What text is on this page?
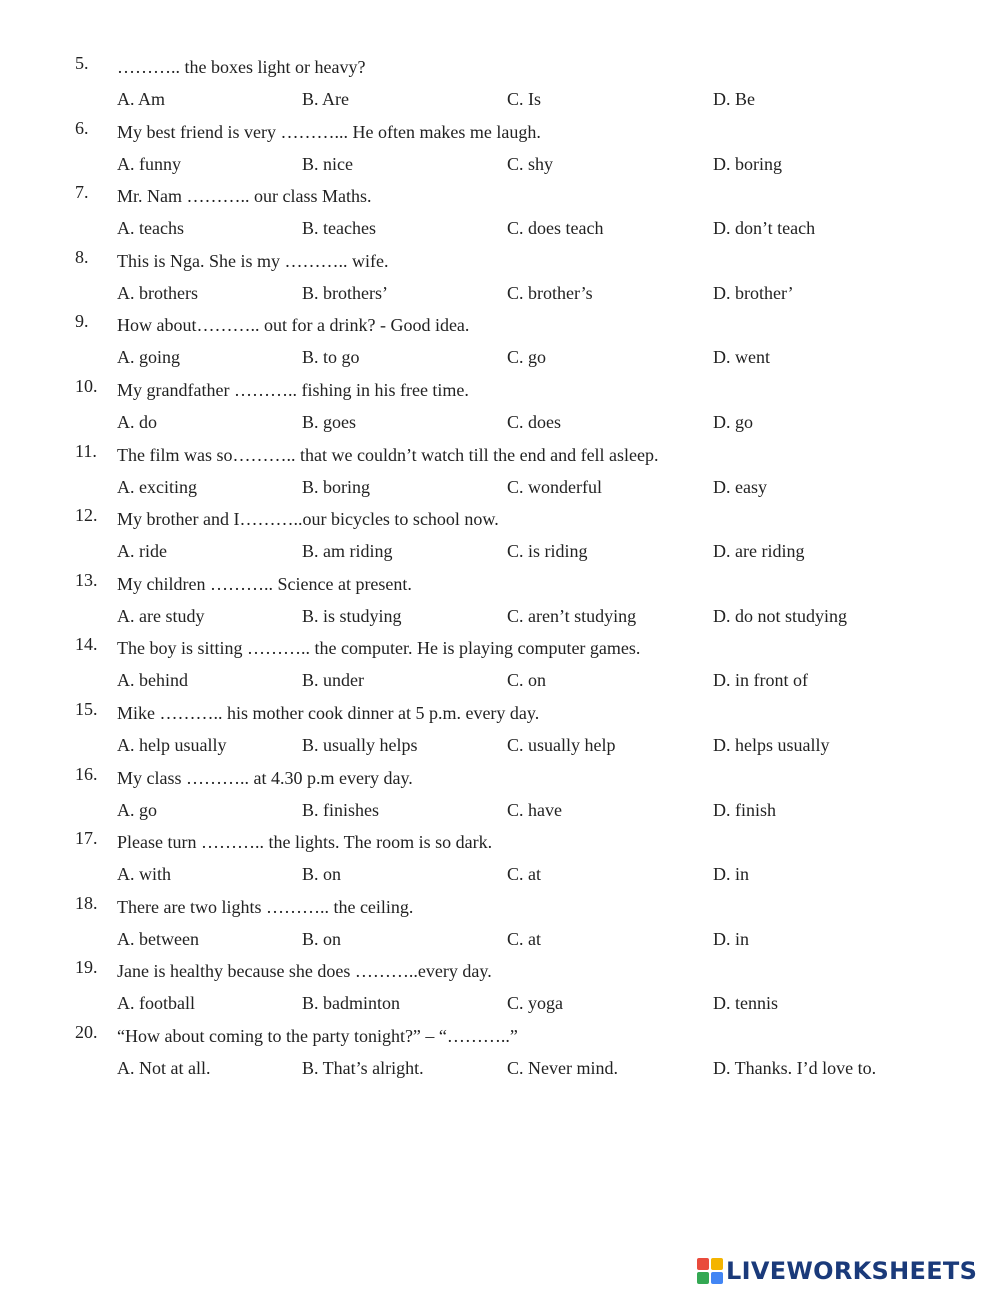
5. ……….. the boxes light or heavy?
A. Am	B. Are	C. Is	D. Be
6. My best friend is very ………... He often makes me laugh.
A. funny	B. nice	C. shy	D. boring
7. Mr. Nam ……….. our class Maths.
A. teachs	B. teaches	C. does teach	D. don’t teach
8. This is Nga. She is my ……….. wife.
A. brothers	B. brothers’	C. brother’s	D. brother’
9. How about……….. out for a drink? - Good idea.
A. going	B. to go	C. go	D. went
10. My grandfather ……….. fishing in his free time.
A. do	B. goes	C. does	D. go
11. The film was so……….. that we couldn’t watch till the end and fell asleep.
A. exciting	B. boring	C. wonderful	D. easy
12. My brother and I………..our bicycles to school now.
A. ride	B. am riding	C. is riding	D. are riding
13. My children ……….. Science at present.
A. are study	B. is studying	C. aren’t studying	D. do not studying
14. The boy is sitting ……….. the computer. He is playing computer games.
A. behind	B. under	C. on	D. in front of
15. Mike ……….. his mother cook dinner at 5 p.m. every day.
A. help usually	B. usually helps	C. usually help	D. helps usually
16. My class ……….. at 4.30 p.m every day.
A. go	B. finishes	C. have	D. finish
17. Please turn ……….. the lights. The room is so dark.
A. with	B. on	C. at	D. in
18. There are two lights ……….. the ceiling.
A. between	B. on	C. at	D. in
19. Jane is healthy because she does ………..every day.
A. football	B. badminton	C. yoga	D. tennis
20. “How about coming to the party tonight?” – “………..”
A. Not at all.	B. That’s alright.	C. Never mind.	D. Thanks. I’d love to.
LIVEWORKSHEETS
